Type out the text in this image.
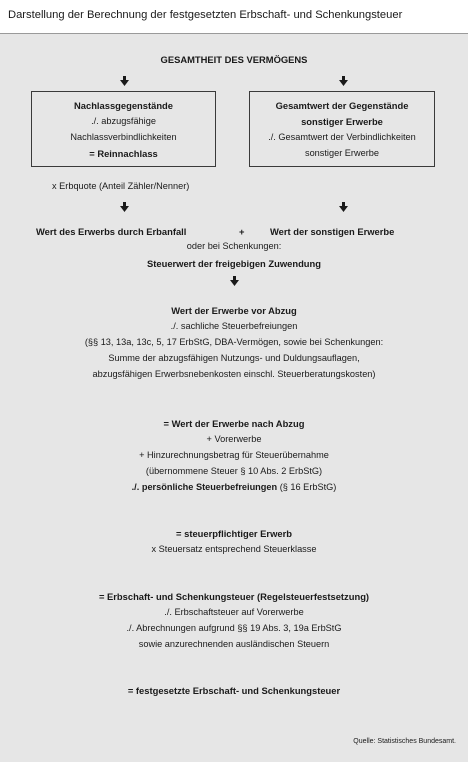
Darstellung der Berechnung der festgesetzten Erbschaft- und Schenkungsteuer
GESAMTHEIT DES VERMÖGENS
Nachlassgegenstände
./. abzugsfähige
Nachlassverbindlichkeiten
= Reinnachlass
Gesamtwert der Gegenstände
sonstiger Erwerbe
./. Gesamtwert der Verbindlichkeiten
sonstiger Erwerbe
x Erbquote (Anteil Zähler/Nenner)
Wert des Erwerbs durch Erbanfall	+	Wert der sonstigen Erwerbe
oder bei Schenkungen:
Steuerwert der freigebigen Zuwendung
Wert der Erwerbe vor Abzug
./. sachliche Steuerbefreiungen
(§§ 13, 13a, 13c, 5, 17 ErbStG, DBA-Vermögen, sowie bei Schenkungen:
Summe der abzugsfähigen Nutzungs- und Duldungsauflagen,
abzugsfähigen Erwerbsnebenkosten einschl. Steuerberatungskosten)
= Wert der Erwerbe nach Abzug
+ Vorerwerbe
+ Hinzurechnungsbetrag für Steuerübernahme
(übernommene Steuer § 10 Abs. 2 ErbStG)
./. persönliche Steuerbefreiungen (§ 16 ErbStG)
= steuerpflichtiger Erwerb
x Steuersatz entsprechend Steuerklasse
= Erbschaft- und Schenkungsteuer (Regelsteuerfestsetzung)
./. Erbschaftsteuer auf Vorerwerbe
./. Abrechnungen aufgrund §§ 19 Abs. 3, 19a ErbStG
sowie anzurechnenden ausländischen Steuern
= festgesetzte Erbschaft- und Schenkungsteuer
Quelle: Statistisches Bundesamt.
